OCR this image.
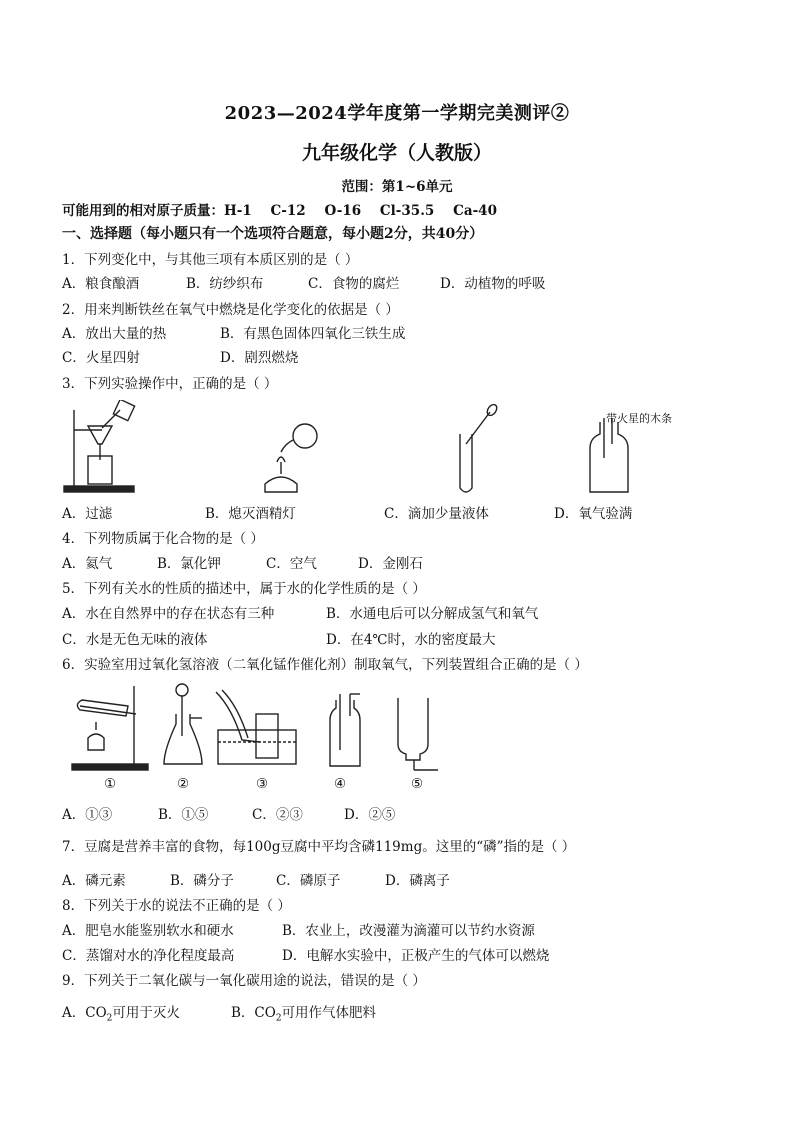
2023—2024学年度第一学期完美测评②
九年级化学（人教版）
范围：第1~6单元
可能用到的相对原子质量：H-1    C-12    O-16    Cl-35.5    Ca-40
一、选择题（每小题只有一个选项符合题意，每小题2分，共40分）
1．下列变化中，与其他三项有本质区别的是（ ）
A．粮食酿酒	B．纺纱织布	C．食物的腐烂	D．动植物的呼吸
2．用来判断铁丝在氧气中燃烧是化学变化的依据是（ ）
A．放出大量的热	B．有黑色固体四氧化三铁生成
C．火星四射	D．剧烈燃烧
3．下列实验操作中，正确的是（ ）
带火星的木条
A．过滤	B．熄灭酒精灯	C．滴加少量液体	D．氧气验满
4．下列物质属于化合物的是（ ）
A．氦气	B．氯化钾	C．空气	D．金刚石
5．下列有关水的性质的描述中，属于水的化学性质的是（ ）
A．水在自然界中的存在状态有三种	B．水通电后可以分解成氢气和氧气
C．水是无色无味的液体	D．在4℃时，水的密度最大
6．实验室用过氧化氢溶液（二氧化锰作催化剂）制取氧气，下列装置组合正确的是（ ）
①	②	③	④	⑤
A．①③	B．①⑤	C．②③	D．②⑤
7．豆腐是营养丰富的食物，每100g豆腐中平均含磷119mg。这里的“磷”指的是（ ）
A．磷元素	B．磷分子	C．磷原子	D．磷离子
8．下列关于水的说法不正确的是（ ）
A．肥皂水能鉴别软水和硬水	B．农业上，改漫灌为滴灌可以节约水资源
C．蒸馏对水的净化程度最高	D．电解水实验中，正极产生的气体可以燃烧
9．下列关于二氧化碳与一氧化碳用途的说法，错误的是（ ）
A．$CO_2$可用于灭火	B．$CO_2$可用作气体肥料
